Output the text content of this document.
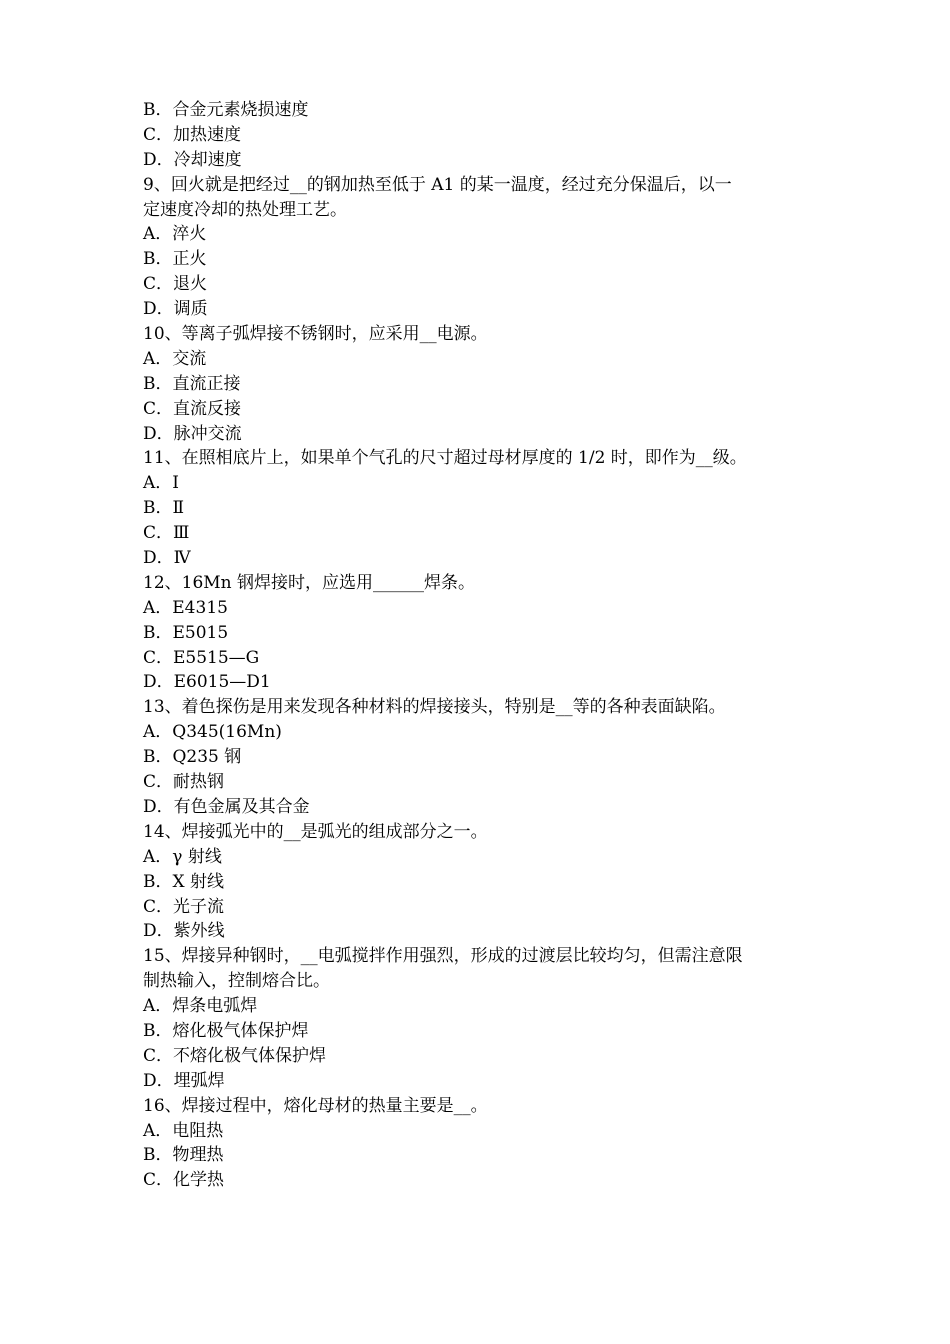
B．合金元素烧损速度
C．加热速度
D．冷却速度
9、回火就是把经过__的钢加热至低于 A1 的某一温度，经过充分保温后，以一
定速度冷却的热处理工艺。
A．淬火
B．正火
C．退火
D．调质
10、等离子弧焊接不锈钢时，应采用__电源。
A．交流
B．直流正接
C．直流反接
D．脉冲交流
11、在照相底片上，如果单个气孔的尺寸超过母材厚度的 1/2 时，即作为__级。
A．Ⅰ
B．Ⅱ
C．Ⅲ
D．Ⅳ
12、16Mn 钢焊接时，应选用______焊条。
A．E4315
B．E5015
C．E5515—G
D．E6015—D1
13、着色探伤是用来发现各种材料的焊接接头，特别是__等的各种表面缺陷。
A．Q345(16Mn)
B．Q235 钢
C．耐热钢
D．有色金属及其合金
14、焊接弧光中的__是弧光的组成部分之一。
A．γ 射线
B．X 射线
C．光子流
D．紫外线
15、焊接异种钢时，__电弧搅拌作用强烈，形成的过渡层比较均匀，但需注意限
制热输入，控制熔合比。
A．焊条电弧焊
B．熔化极气体保护焊
C．不熔化极气体保护焊
D．埋弧焊
16、焊接过程中，熔化母材的热量主要是__。
A．电阻热
B．物理热
C．化学热
